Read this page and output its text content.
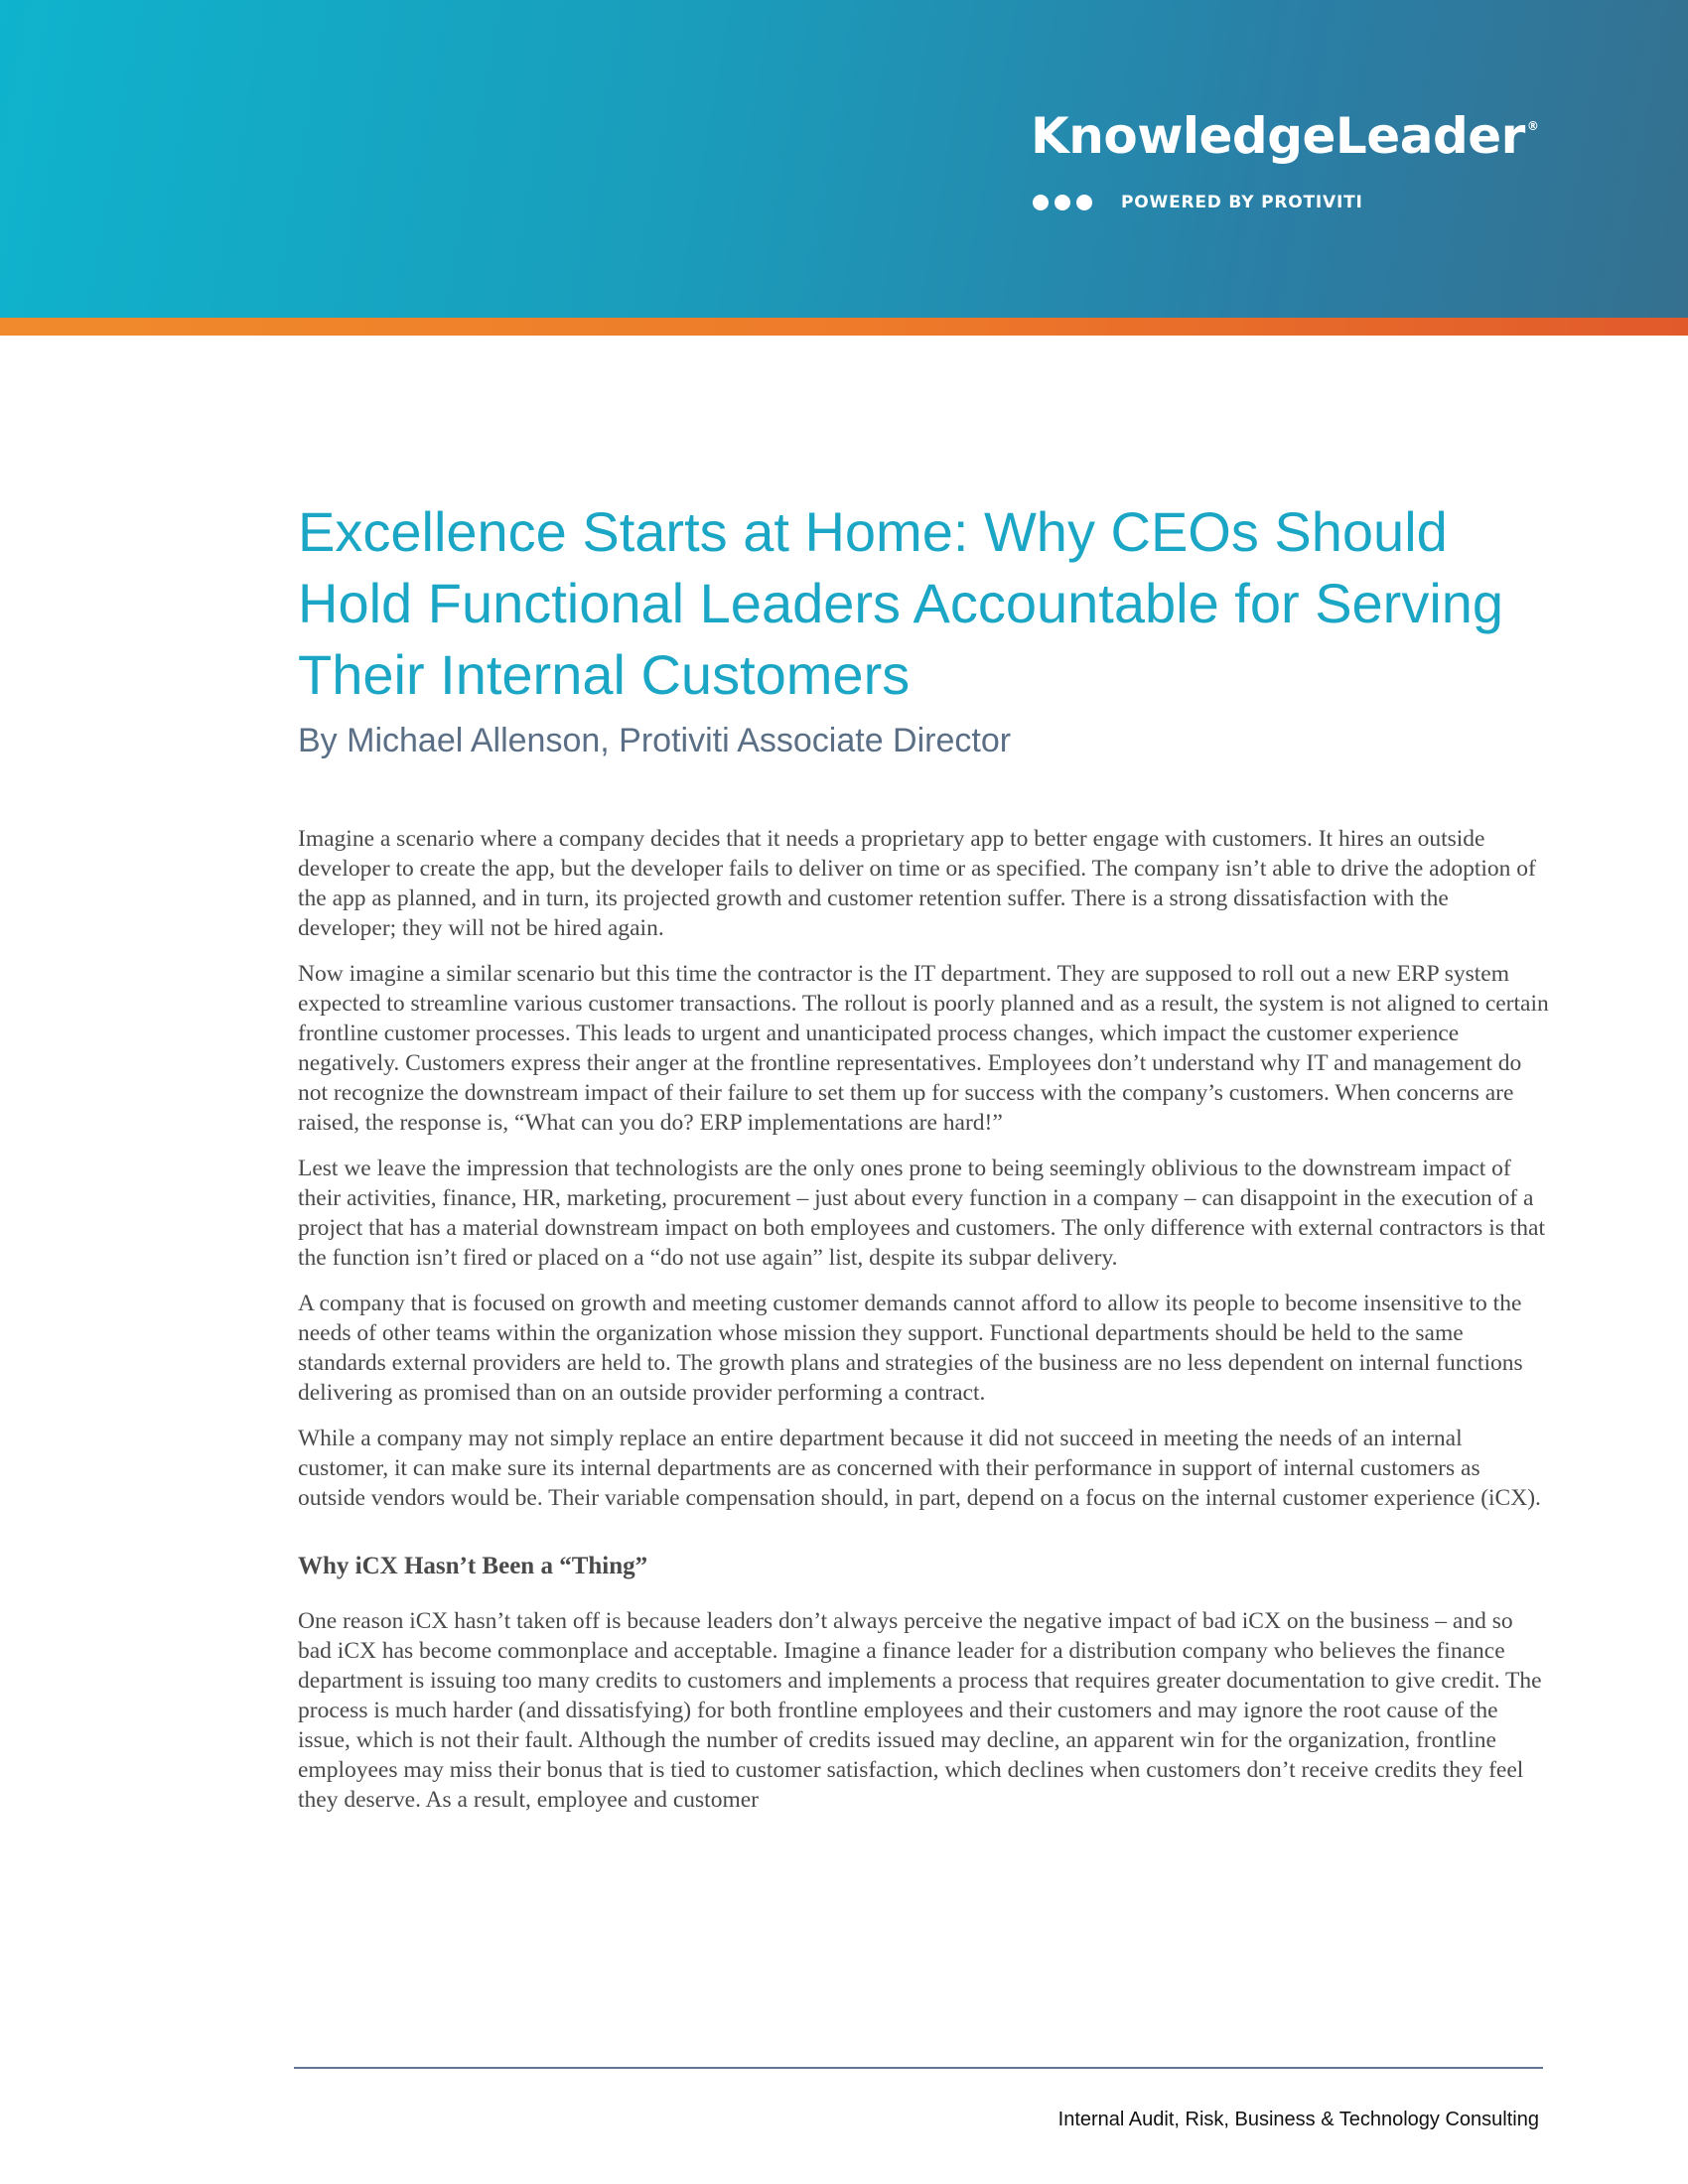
KnowledgeLeader ®
POWERED BY PROTIVITI
Excellence Starts at Home: Why CEOs Should Hold Functional Leaders Accountable for Serving Their Internal Customers

By Michael Allenson, Protiviti Associate Director

Imagine a scenario where a company decides that it needs a proprietary app to better engage with customers. It hires an outside developer to create the app, but the developer fails to deliver on time or as specified. The company isn’t able to drive the adoption of the app as planned, and in turn, its projected growth and customer retention suffer. There is a strong dissatisfaction with the developer; they will not be hired again.

Now imagine a similar scenario but this time the contractor is the IT department. They are supposed to roll out a new ERP system expected to streamline various customer transactions. The rollout is poorly planned and as a result, the system is not aligned to certain frontline customer processes. This leads to urgent and unanticipated process changes, which impact the customer experience negatively. Customers express their anger at the frontline representatives. Employees don’t understand why IT and management do not recognize the downstream impact of their failure to set them up for success with the company’s customers. When concerns are raised, the response is, “What can you do? ERP implementations are hard!”

Lest we leave the impression that technologists are the only ones prone to being seemingly oblivious to the downstream impact of their activities, finance, HR, marketing, procurement – just about every function in a company – can disappoint in the execution of a project that has a material downstream impact on both employees and customers. The only difference with external contractors is that the function isn’t fired or placed on a “do not use again” list, despite its subpar delivery.

A company that is focused on growth and meeting customer demands cannot afford to allow its people to become insensitive to the needs of other teams within the organization whose mission they support. Functional departments should be held to the same standards external providers are held to. The growth plans and strategies of the business are no less dependent on internal functions delivering as promised than on an outside provider performing a contract.

While a company may not simply replace an entire department because it did not succeed in meeting the needs of an internal customer, it can make sure its internal departments are as concerned with their performance in support of internal customers as outside vendors would be. Their variable compensation should, in part, depend on a focus on the internal customer experience (iCX).

Why iCX Hasn’t Been a “Thing”

One reason iCX hasn’t taken off is because leaders don’t always perceive the negative impact of bad iCX on the business – and so bad iCX has become commonplace and acceptable. Imagine a finance leader for a distribution company who believes the finance department is issuing too many credits to customers and implements a process that requires greater documentation to give credit. The process is much harder (and dissatisfying) for both frontline employees and their customers and may ignore the root cause of the issue, which is not their fault. Although the number of credits issued may decline, an apparent win for the organization, frontline employees may miss their bonus that is tied to customer satisfaction, which declines when customers don’t receive credits they feel they deserve. As a result, employee and customer

Internal Audit, Risk, Business & Technology Consulting
